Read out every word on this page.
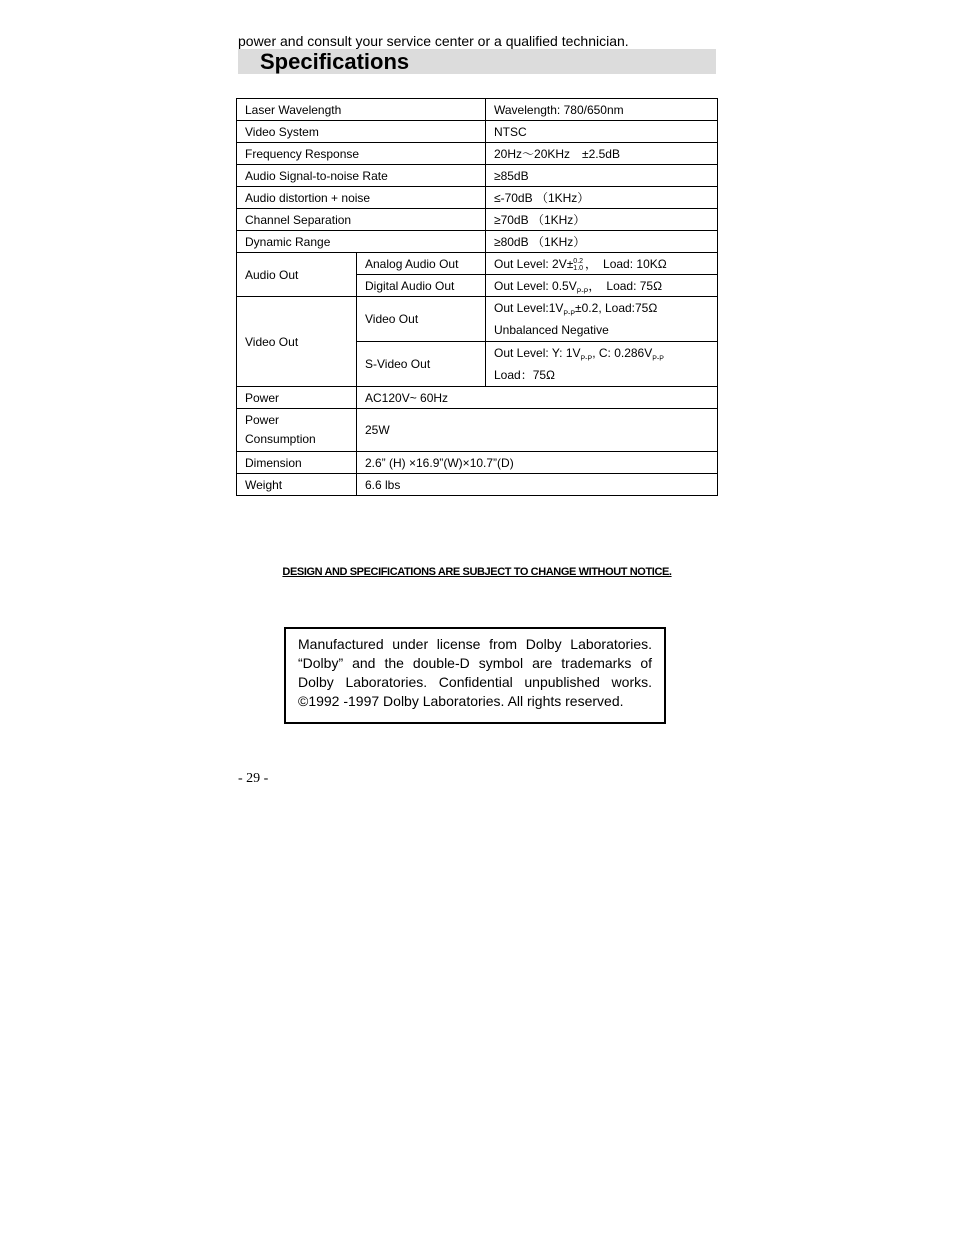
power and consult your service center or a qualified technician.
Specifications
Laser Wavelength		Wavelength: 780/650nm
Video System		NTSC
Frequency Response		20Hz～20KHz　±2.5dB
Audio Signal-to-noise Rate		≥85dB
Audio distortion + noise		≤-70dB （1KHz）
Channel Separation		≥70dB （1KHz）
Dynamic Range		≥80dB （1KHz）
Audio Out	Analog Audio Out	Out Level: 2V±0.2
1.0 ，　Load: 10KΩ
	Digital Audio Out	Out Level: $0.5V_{P-P}$，　Load: 75Ω
Video Out	Video Out	Out $Level:1V_{P-P}\pm 0.2$, Load:75Ω
Unbalanced Negative
	S-Video Out	Out Level: Y: $1V_{P-P}$, C: $0.286V_{P-P}$
Load：75Ω
Power	AC120V~ 60Hz	
Power
Consumption	25W	
Dimension	2.6” (H) ×16.9”(W)×10.7”(D)	
Weight	6.6 lbs	
DESIGN AND SPECIFICATIONS ARE SUBJECT TO CHANGE WITHOUT NOTICE.
Manufactured under license from Dolby Laboratories. “Dolby” and the double-D symbol are trademarks of Dolby Laboratories. Confidential unpublished works. ©1992 -1997 Dolby Laboratories. All rights reserved.
- 29 -
